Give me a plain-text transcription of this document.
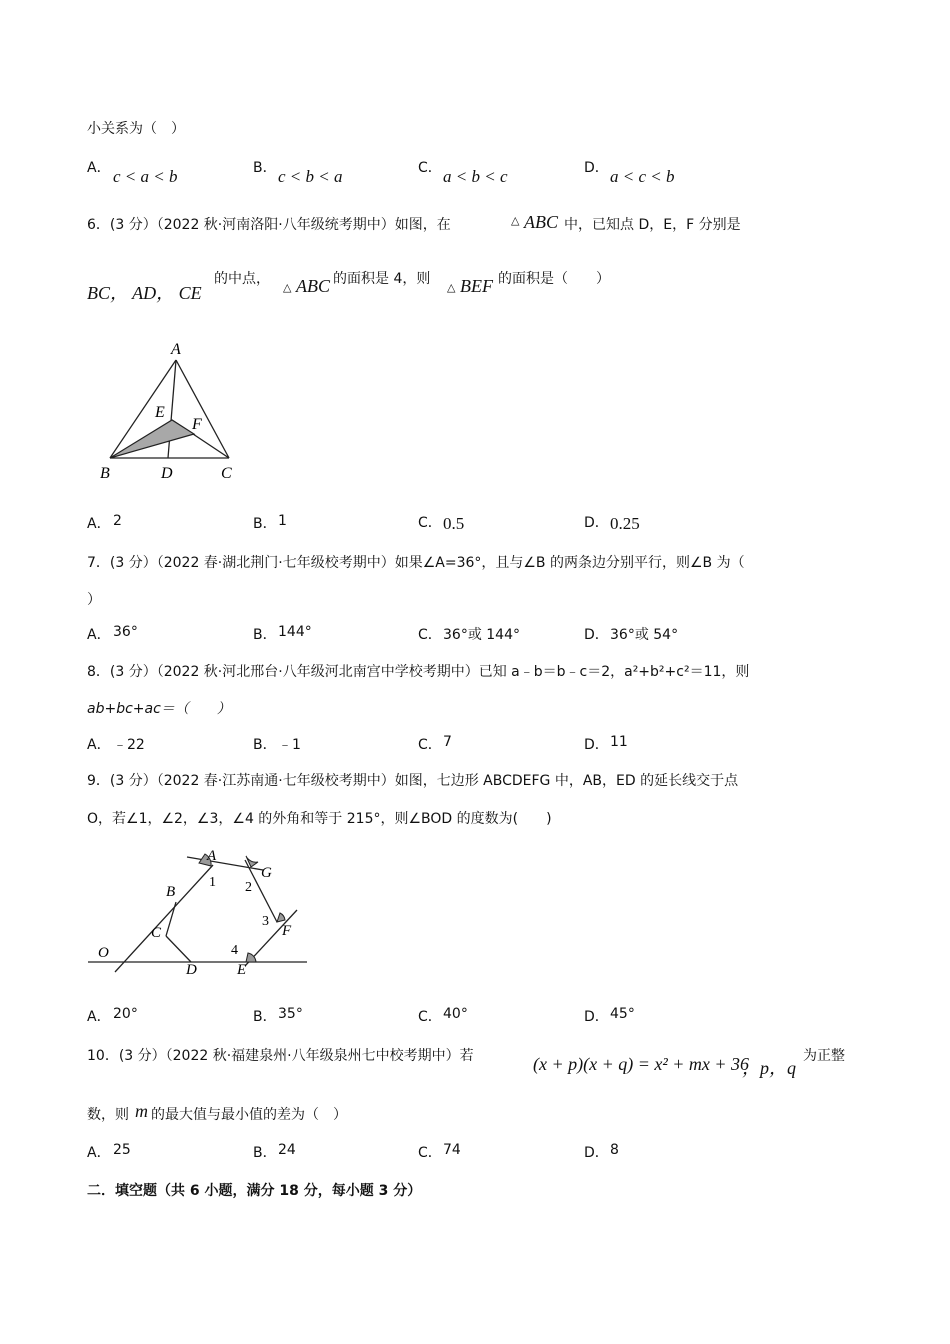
小关系为（　）
A． c < a < b	B． c < b < a	C． a < b < c	D． a < c < b
6．(3 分）（2022 秋·河南洛阳·八年级统考期中）如图，在	△ ABC 中，已知点 D，E，F 分别是
BC， AD， CE
的中点，
△ ABC 的面积是 4，则
△ BEF 的面积是（　　）
A
B	C
D
E
F
A． 2	B． 1	C． 0.5	D． 0.25
7．(3 分）（2022 春·湖北荆门·七年级校考期中）如果∠A=36°，且与∠B 的两条边分别平行，则∠B 为（
）
A． 36°	B． 144°	C． 36°或 144°	D． 36°或 54°
8．(3 分）（2022 秋·河北邢台·八年级河北南宫中学校考期中）已知 a﹣b＝b﹣c＝2，a²+b²+c²＝11，则
ab+bc+ac＝（　　）
A． ﹣22	B． ﹣1	C． 7	D． 11
9．(3 分）（2022 春·江苏南通·七年级校考期中）如图，七边形 ABCDEFG 中，AB，ED 的延长线交于点
O，若∠1，∠2，∠3，∠4 的外角和等于 215°，则∠BOD 的度数为(　　)
A
B
C
D	E
F
G
O
1 2
3
4
A． 20°	B． 35°	C． 40°	D． 45°
10．(3 分）（2022 秋·福建泉州·八年级泉州七中校考期中）若	(x + p)(x + q) = x² + mx + 36
，p，q
为正整
数，则 m 的最大值与最小值的差为（　）
A． 25	B． 24	C． 74	D． 8
二．填空题（共 6 小题，满分 18 分，每小题 3 分）
